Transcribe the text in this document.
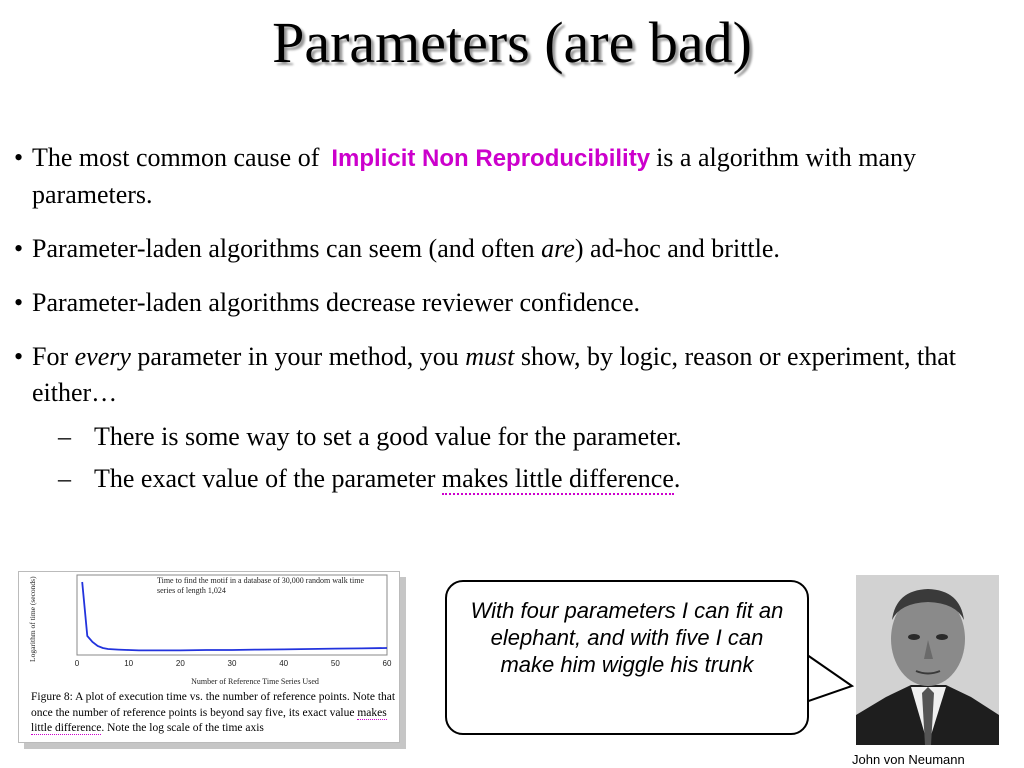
Parameters (are bad)
• The most common cause of Implicit Non Reproducibility is a algorithm with many parameters.
• Parameter-laden algorithms can seem (and often are) ad-hoc and brittle.
• Parameter-laden algorithms decrease reviewer confidence.
• For every parameter in your method, you must show, by logic, reason or experiment, that either…
– There is some way to set a good value for the parameter.
– The exact value of the parameter makes little difference.
Logarithm of time (seconds)
Number of Reference Time Series Used
Time to find the motif in a database of 30,000 random walk time series of length 1,024
0	10	20	30	40	50	60
Figure 8: A plot of execution time vs. the number of reference points. Note that once the number of reference points is beyond say five, its exact value makes little difference. Note the log scale of the time axis
With four parameters I can fit an elephant, and with five I can make him wiggle his trunk
John von Neumann
